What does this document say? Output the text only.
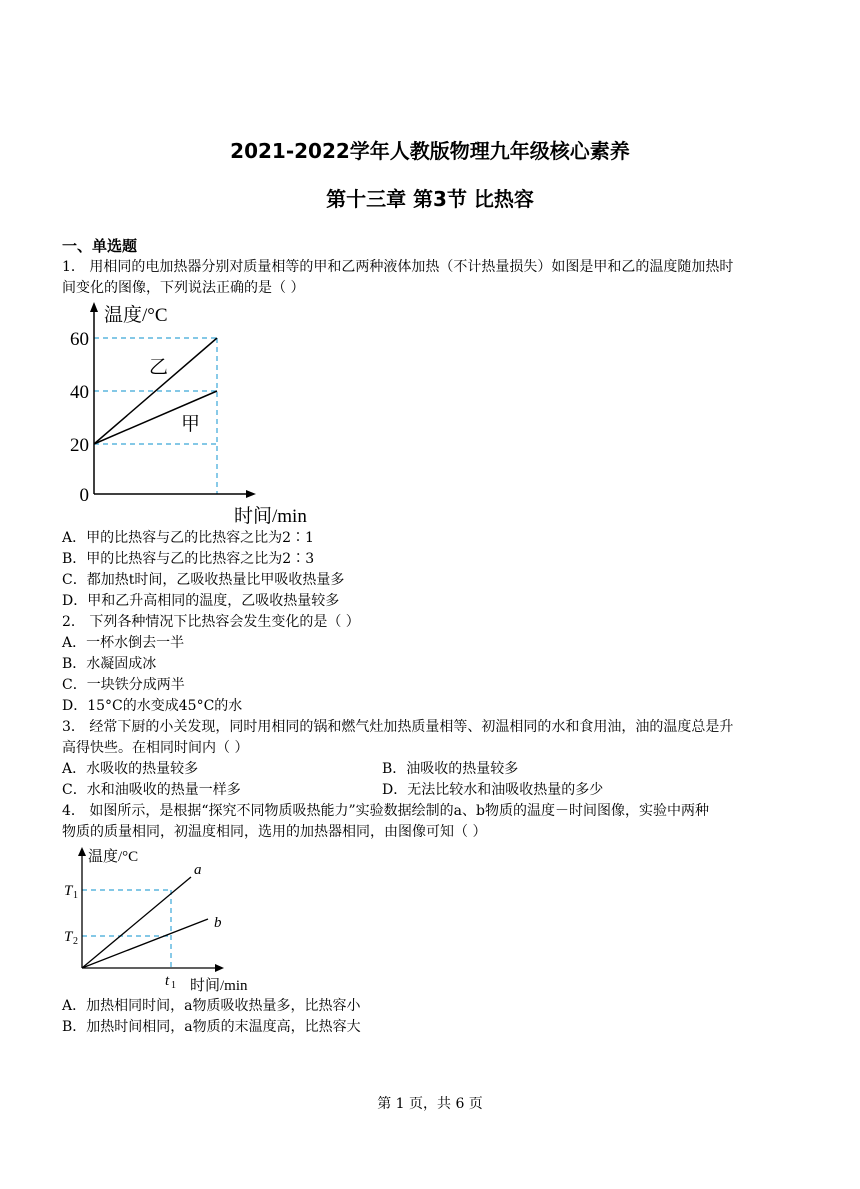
2021-2022学年人教版物理九年级核心素养
第十三章 第3节 比热容
一、单选题
1． 用相同的电加热器分别对质量相等的甲和乙两种液体加热（不计热量损失）如图是甲和乙的温度随加热时
间变化的图像，下列说法正确的是（ ）
温度/°C
时间/min
60
40
20
0
乙
甲
A．甲的比热容与乙的比热容之比为2∶1
B．甲的比热容与乙的比热容之比为2∶3
C．都加热t时间，乙吸收热量比甲吸收热量多
D．甲和乙升高相同的温度，乙吸收热量较多
2． 下列各种情况下比热容会发生变化的是（ ）
A．一杯水倒去一半
B．水凝固成冰
C．一块铁分成两半
D．15°C的水变成45°C的水
3． 经常下厨的小关发现，同时用相同的锅和燃气灶加热质量相等、初温相同的水和食用油，油的温度总是升
高得快些。在相同时间内（ ）
A．水吸收的热量较多	B．油吸收的热量较多
C．水和油吸收的热量一样多	D．无法比较水和油吸收热量的多少
4． 如图所示，是根据“探究不同物质吸热能力”实验数据绘制的a、b物质的温度－时间图像，实验中两种
物质的质量相同，初温度相同，选用的加热器相同，由图像可知（ ）
温度/°C
时间/min
T 1
T 2
t 1
a
b
A．加热相同时间，a物质吸收热量多，比热容小
B．加热时间相同，a物质的末温度高，比热容大
第 1 页，共 6 页
